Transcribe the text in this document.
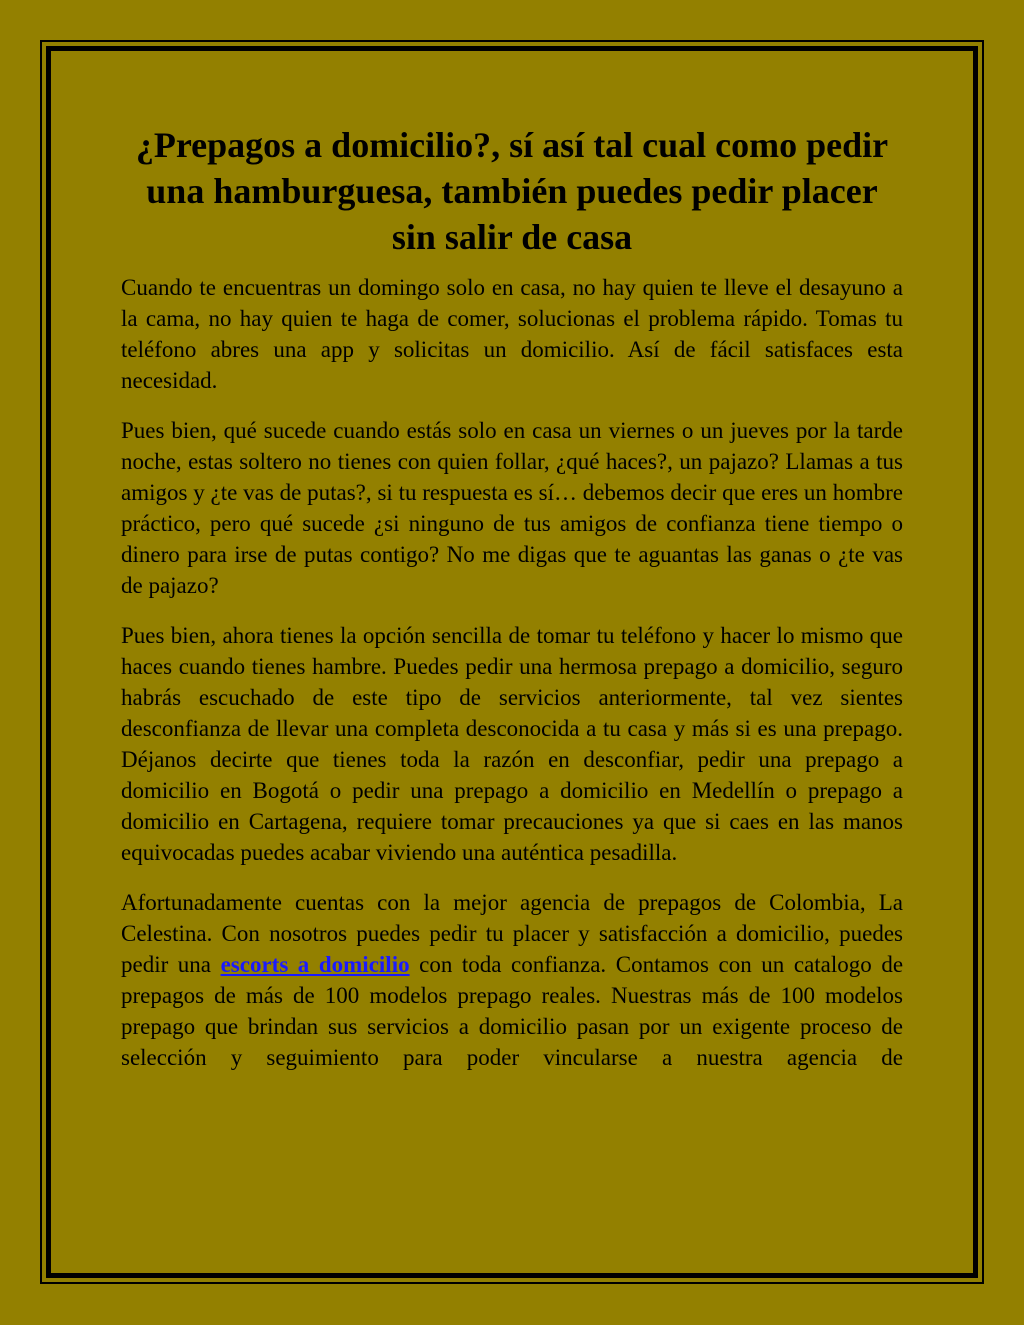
¿Prepagos a domicilio?, sí así tal cual como pedir una hamburguesa, también puedes pedir placer sin salir de casa

Cuando te encuentras un domingo solo en casa, no hay quien te lleve el desayuno a la cama, no hay quien te haga de comer, solucionas el problema rápido. Tomas tu teléfono abres una app y solicitas un domicilio. Así de fácil satisfaces esta necesidad.

Pues bien, qué sucede cuando estás solo en casa un viernes o un jueves por la tarde noche, estas soltero no tienes con quien follar, ¿qué haces?, un pajazo? Llamas a tus amigos y ¿te vas de putas?, si tu respuesta es sí… debemos decir que eres un hombre práctico, pero qué sucede ¿si ninguno de tus amigos de confianza tiene tiempo o dinero para irse de putas contigo? No me digas que te aguantas las ganas o ¿te vas de pajazo?

Pues bien, ahora tienes la opción sencilla de tomar tu teléfono y hacer lo mismo que haces cuando tienes hambre. Puedes pedir una hermosa prepago a domicilio, seguro habrás escuchado de este tipo de servicios anteriormente, tal vez sientes desconfianza de llevar una completa desconocida a tu casa y más si es una prepago. Déjanos decirte que tienes toda la razón en desconfiar, pedir una prepago a domicilio en Bogotá o pedir una prepago a domicilio en Medellín o prepago a domicilio en Cartagena, requiere tomar precauciones ya que si caes en las manos equivocadas puedes acabar viviendo una auténtica pesadilla.

Afortunadamente cuentas con la mejor agencia de prepagos de Colombia, La Celestina. Con nosotros puedes pedir tu placer y satisfacción a domicilio, puedes pedir una escorts a domicilio con toda confianza. Contamos con un catalogo de prepagos de más de 100 modelos prepago reales. Nuestras más de 100 modelos prepago que brindan sus servicios a domicilio pasan por un exigente proceso de selección y seguimiento para poder vincularse a nuestra agencia de
